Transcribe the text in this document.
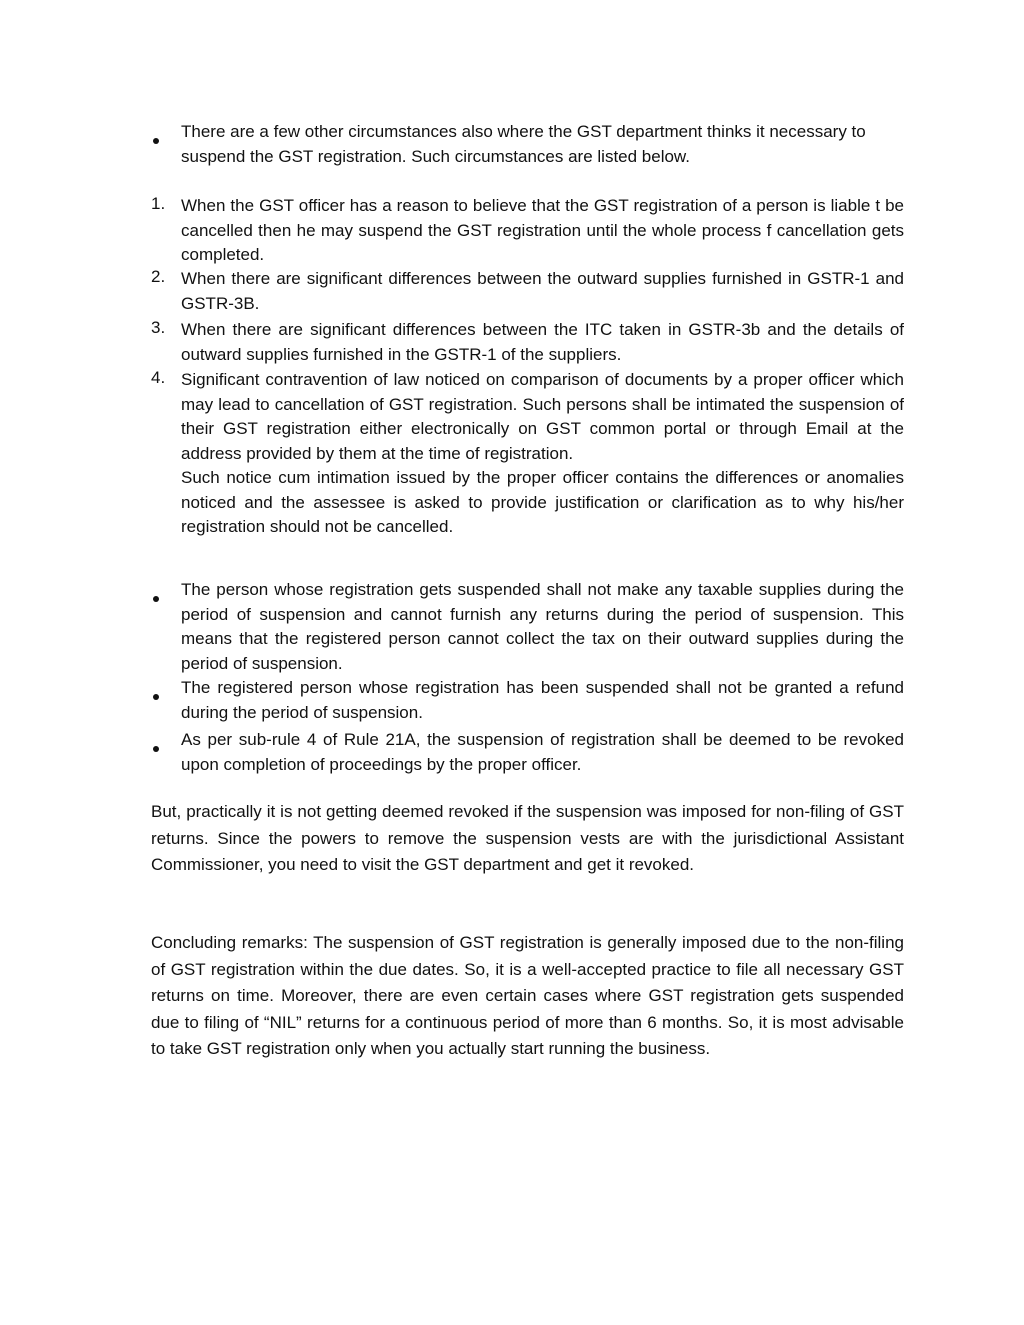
There are a few other circumstances also where the GST department thinks it necessary to suspend the GST registration. Such circumstances are listed below.
1. When the GST officer has a reason to believe that the GST registration of a person is liable t be cancelled then he may suspend the GST registration until the whole process f cancellation gets completed.
2. When there are significant differences between the outward supplies furnished in GSTR-1 and GSTR-3B.
3. When there are significant differences between the ITC taken in GSTR-3b and the details of outward supplies furnished in the GSTR-1 of the suppliers.
4. Significant contravention of law noticed on comparison of documents by a proper officer which may lead to cancellation of GST registration. Such persons shall be intimated the suspension of their GST registration either electronically on GST common portal or through Email at the address provided by them at the time of registration.
Such notice cum intimation issued by the proper officer contains the differences or anomalies noticed and the assessee is asked to provide justification or clarification as to why his/her registration should not be cancelled.
The person whose registration gets suspended shall not make any taxable supplies during the period of suspension and cannot furnish any returns during the period of suspension. This means that the registered person cannot collect the tax on their outward supplies during the period of suspension.
The registered person whose registration has been suspended shall not be granted a refund during the period of suspension.
As per sub-rule 4 of Rule 21A, the suspension of registration shall be deemed to be revoked upon completion of proceedings by the proper officer.
But, practically it is not getting deemed revoked if the suspension was imposed for non-filing of GST returns. Since the powers to remove the suspension vests are with the jurisdictional Assistant Commissioner, you need to visit the GST department and get it revoked.
Concluding remarks: The suspension of GST registration is generally imposed due to the non-filing of GST registration within the due dates. So, it is a well-accepted practice to file all necessary GST returns on time. Moreover, there are even certain cases where GST registration gets suspended due to filing of “NIL” returns for a continuous period of more than 6 months. So, it is most advisable to take GST registration only when you actually start running the business.
